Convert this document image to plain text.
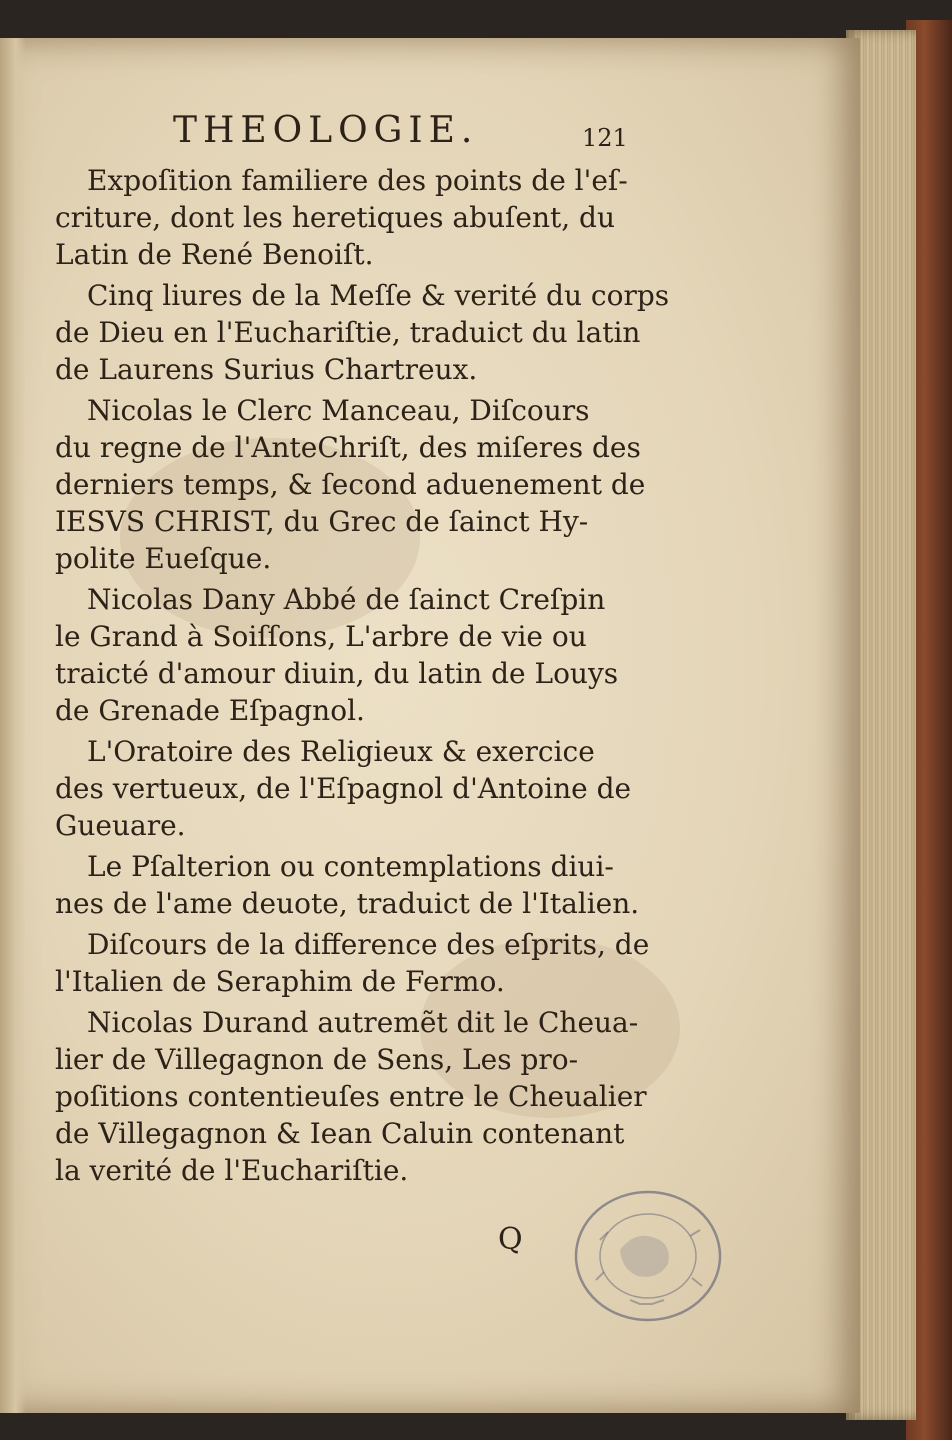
THEOLOGIE.	121
Expoſition familiere des points de l'eſ-
criture, dont les heretiques abuſent, du
Latin de René Benoiſt.
Cinq liures de la Meſſe & verité du corps
de Dieu en l'Euchariſtie, traduict du latin
de Laurens Surius Chartreux.
Nicolas le Clerc Manceau, Diſcours
du regne de l'AnteChriſt, des miſeres des
derniers temps, & ſecond aduenement de
IESVS CHRIST, du Grec de ſainct Hy-
polite Eueſque.
Nicolas Dany Abbé de ſainct Creſpin
le Grand à Soiſſons, L'arbre de vie ou
traicté d'amour diuin, du latin de Louys
de Grenade Eſpagnol.
L'Oratoire des Religieux & exercice
des vertueux, de l'Eſpagnol d'Antoine de
Gueuare.
Le Pſalterion ou contemplations diui-
nes de l'ame deuote, traduict de l'Italien.
Diſcours de la difference des eſprits, de
l'Italien de Seraphim de Fermo.
Nicolas Durand autremẽt dit le Cheua-
lier de Villegagnon de Sens, Les pro-
poſitions contentieuſes entre le Cheualier
de Villegagnon & Iean Caluin contenant
la verité de l'Euchariſtie.
Q
